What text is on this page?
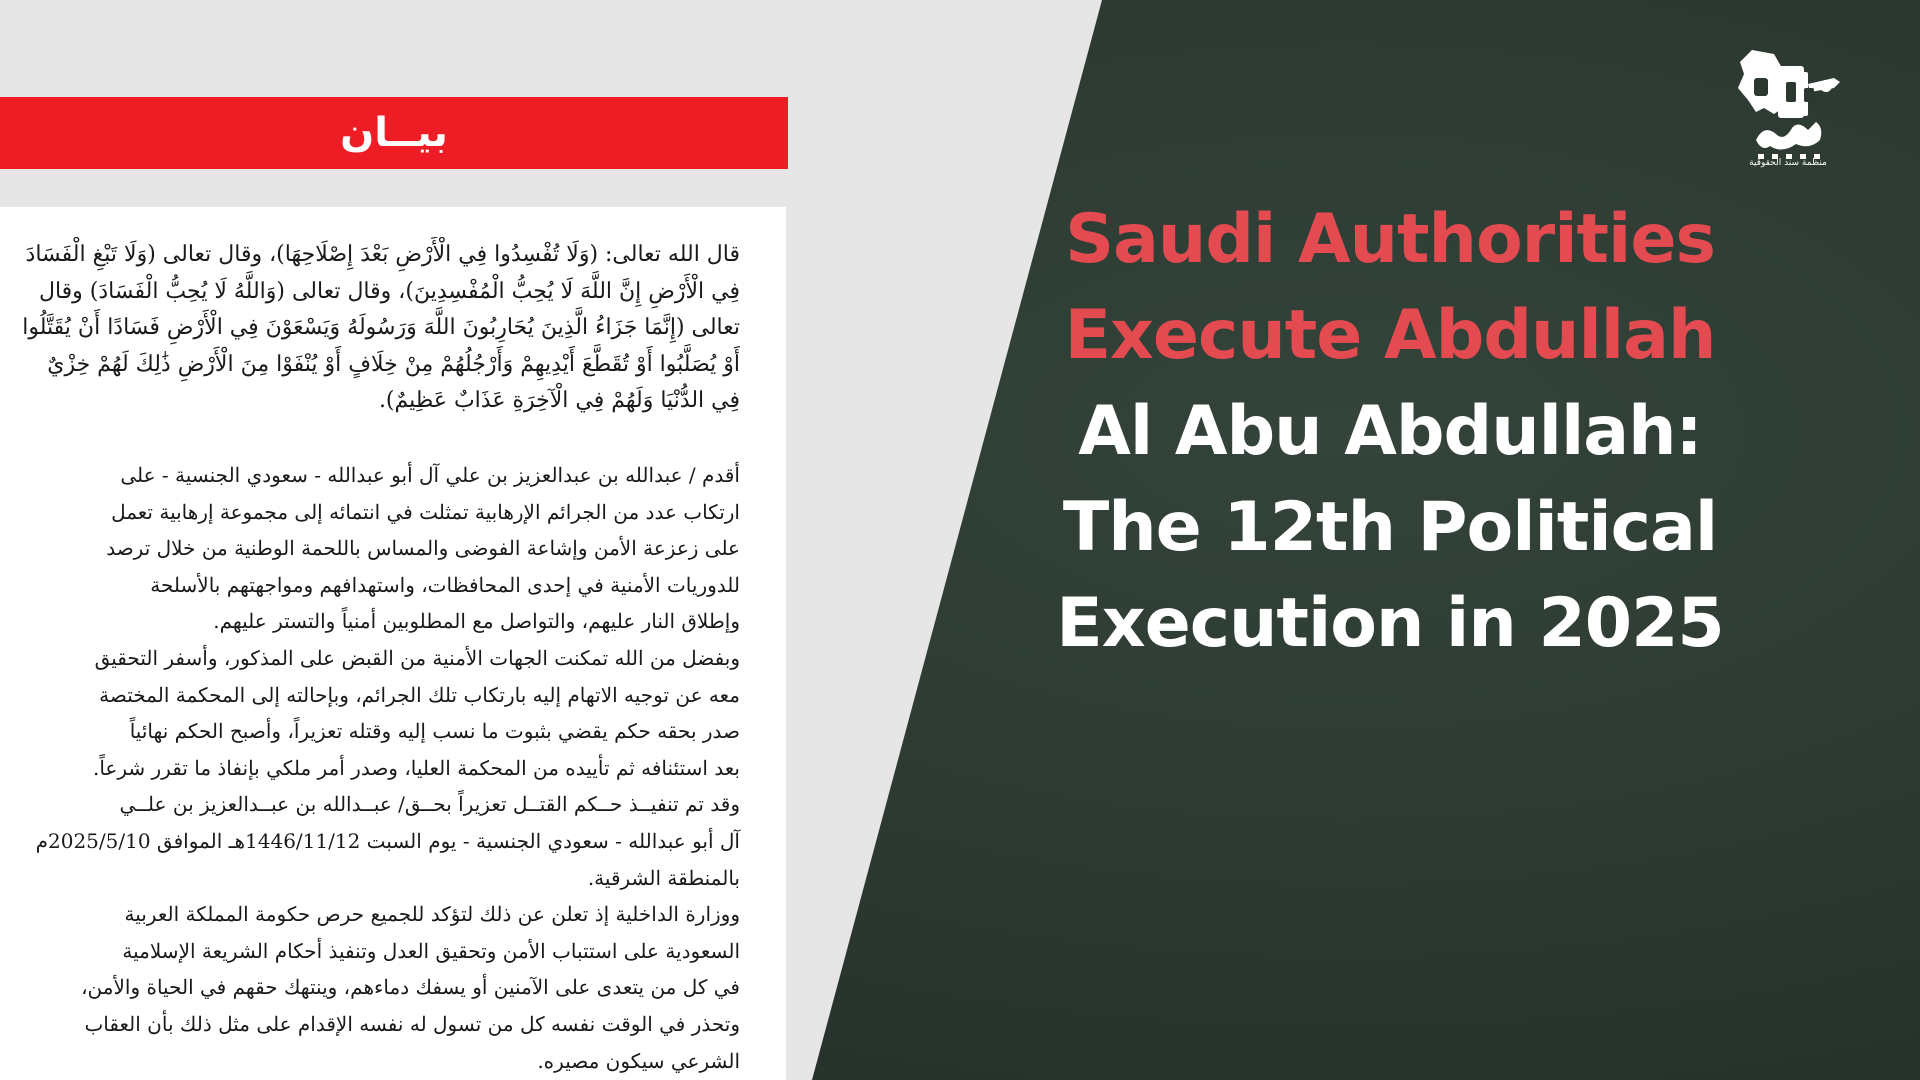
بيــان
قال الله تعالى: (وَلَا تُفْسِدُوا فِي الْأَرْضِ بَعْدَ إِصْلَاحِهَا)، وقال تعالى (وَلَا تَبْغِ الْفَسَادَ
فِي الْأَرْضِ إِنَّ اللَّهَ لَا يُحِبُّ الْمُفْسِدِينَ)، وقال تعالى (وَاللَّهُ لَا يُحِبُّ الْفَسَادَ) وقال
تعالى (إِنَّمَا جَزَاءُ الَّذِينَ يُحَارِبُونَ اللَّهَ وَرَسُولَهُ وَيَسْعَوْنَ فِي الْأَرْضِ فَسَادًا أَنْ يُقَتَّلُوا
أَوْ يُصَلَّبُوا أَوْ تُقَطَّعَ أَيْدِيهِمْ وَأَرْجُلُهُمْ مِنْ خِلَافٍ أَوْ يُنْفَوْا مِنَ الْأَرْضِ ذَٰلِكَ لَهُمْ خِزْيٌ
فِي الدُّنْيَا وَلَهُمْ فِي الْآخِرَةِ عَذَابٌ عَظِيمٌ).
أقدم / عبدالله بن عبدالعزيز بن علي آل أبو عبدالله - سعودي الجنسية - على
ارتكاب عدد من الجرائم الإرهابية تمثلت في انتمائه إلى مجموعة إرهابية تعمل
على زعزعة الأمن وإشاعة الفوضى والمساس باللحمة الوطنية من خلال ترصد
للدوريات الأمنية في إحدى المحافظات، واستهدافهم ومواجهتهم بالأسلحة
وإطلاق النار عليهم، والتواصل مع المطلوبين أمنياً والتستر عليهم.
وبفضل من الله تمكنت الجهات الأمنية من القبض على المذكور، وأسفر التحقيق
معه عن توجيه الاتهام إليه بارتكاب تلك الجرائم، وبإحالته إلى المحكمة المختصة
صدر بحقه حكم يقضي بثبوت ما نسب إليه وقتله تعزيراً، وأصبح الحكم نهائياً
بعد استئنافه ثم تأييده من المحكمة العليا، وصدر أمر ملكي بإنفاذ ما تقرر شرعاً.
وقد تم تنفيــذ حــكم القتــل تعزيراً بحــق/ عبــدالله بن عبــدالعزيز بن علــي
آل أبو عبدالله - سعودي الجنسية - يوم السبت 1446/11/12هـ الموافق 2025/5/10م
بالمنطقة الشرقية.
ووزارة الداخلية إذ تعلن عن ذلك لتؤكد للجميع حرص حكومة المملكة العربية
السعودية على استتباب الأمن وتحقيق العدل وتنفيذ أحكام الشريعة الإسلامية
في كل من يتعدى على الآمنين أو يسفك دماءهم، وينتهك حقهم في الحياة والأمن،
وتحذر في الوقت نفسه كل من تسول له نفسه الإقدام على مثل ذلك بأن العقاب
الشرعي سيكون مصيره.
منظمة سند الحقوقية
Saudi Authorities
Execute Abdullah
Al Abu Abdullah:
The 12th Political
Execution in 2025
